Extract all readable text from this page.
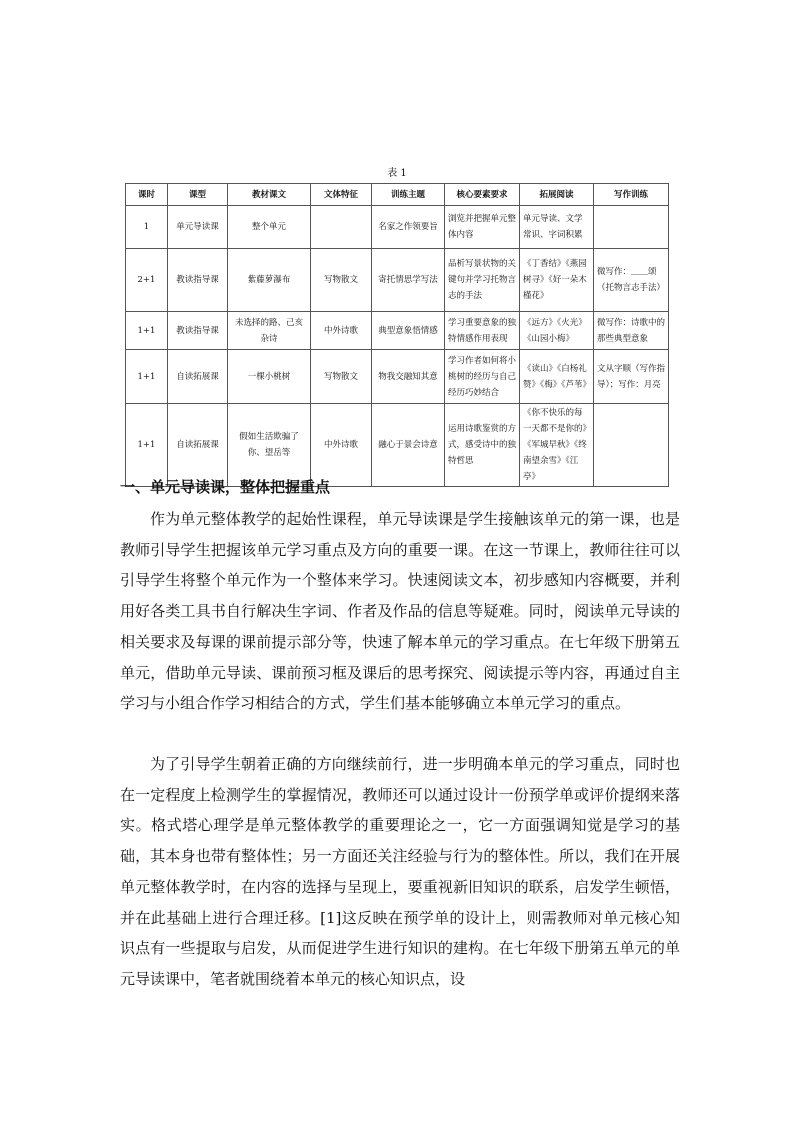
表 1
课时	课型	教材课文	文体特征	训练主题	核心要素要求	拓展阅读	写作训练
1	单元导读课	整个单元		名家之作领要旨	浏览并把握单元整体内容	单元导读、文学常识、字词积累	
2+1	教读指导课	紫藤萝瀑布	写物散文	寄托情思学写法	品析写景状物的关键句并学习托物言志的手法	《丁香结》《燕园树寻》《好一朵木槿花》	微写作：＿＿颂（托物言志手法）
1+1	教读指导课	未选择的路、己亥杂诗	中外诗歌	典型意象悟情感	学习重要意象的独特情感作用表现	《远方》《火光》《山园小梅》	微写作：诗歌中的那些典型意象
1+1	自读拓展课	一棵小桃树	写物散文	物我交融知其意	学习作者如何将小桃树的经历与自己经历巧妙结合	《读山》《白杨礼赞》《梅》《芦苇》	文从字顺（写作指导）；写作：月亮
1+1	自读拓展课	假如生活欺骗了你、望岳等	中外诗歌	融心于景会诗意	运用诗歌鉴赏的方式，感受诗中的独特哲思	《你不快乐的每一天都不是你的》《军城早秋》《终南望余雪》《江亭》	
一、单元导读课，整体把握重点

作为单元整体教学的起始性课程，单元导读课是学生接触该单元的第一课，也是教师引导学生把握该单元学习重点及方向的重要一课。在这一节课上，教师往往可以引导学生将整个单元作为一个整体来学习。快速阅读文本，初步感知内容概要，并利用好各类工具书自行解决生字词、作者及作品的信息等疑难。同时，阅读单元导读的相关要求及每课的课前提示部分等，快速了解本单元的学习重点。在七年级下册第五单元，借助单元导读、课前预习框及课后的思考探究、阅读提示等内容，再通过自主学习与小组合作学习相结合的方式，学生们基本能够确立本单元学习的重点。

为了引导学生朝着正确的方向继续前行，进一步明确本单元的学习重点，同时也在一定程度上检测学生的掌握情况，教师还可以通过设计一份预学单或评价提纲来落实。格式塔心理学是单元整体教学的重要理论之一，它一方面强调知觉是学习的基础，其本身也带有整体性；另一方面还关注经验与行为的整体性。所以，我们在开展单元整体教学时，在内容的选择与呈现上，要重视新旧知识的联系，启发学生顿悟，并在此基础上进行合理迁移。[1]这反映在预学单的设计上，则需教师对单元核心知识点有一些提取与启发，从而促进学生进行知识的建构。在七年级下册第五单元的单元导读课中，笔者就围绕着本单元的核心知识点，设
